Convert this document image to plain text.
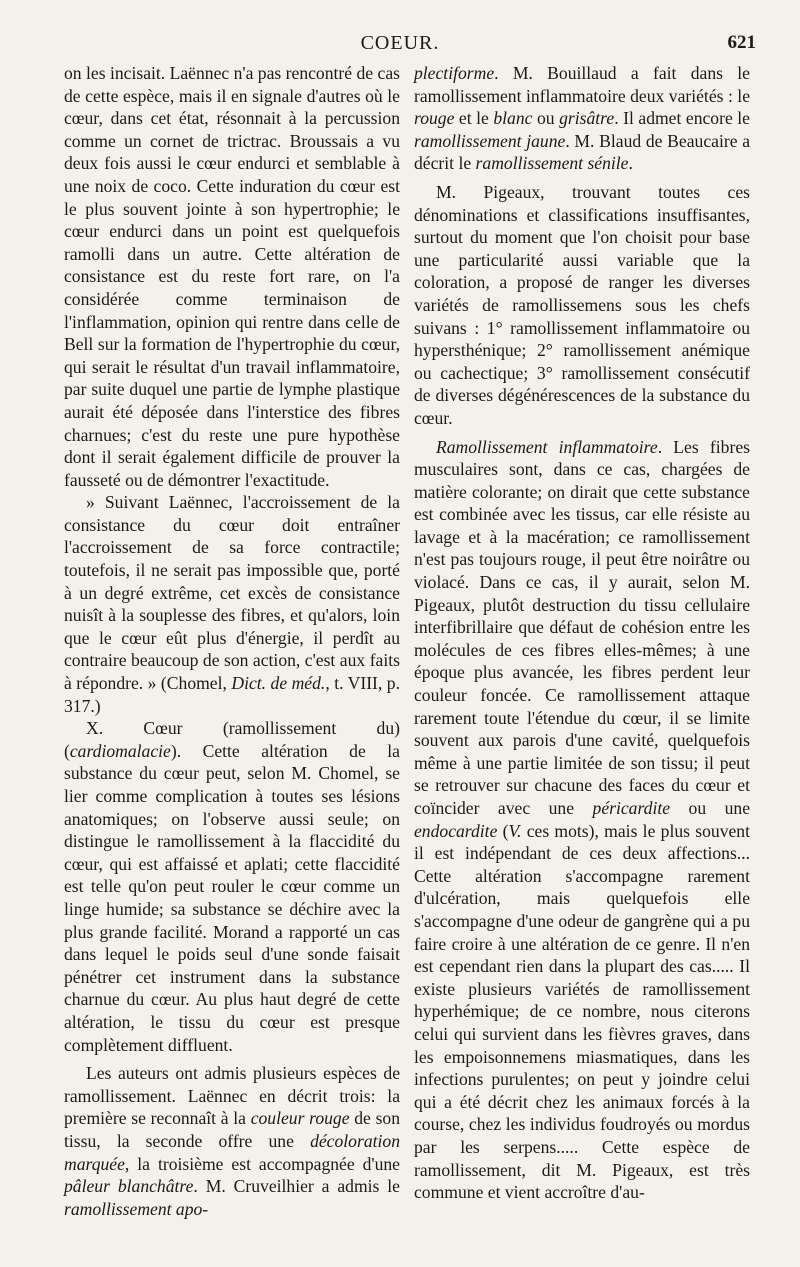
COEUR.	621

on les incisait. Laënnec n'a pas rencontré de cas de cette espèce, mais il en signale d'autres où le cœur, dans cet état, résonnait à la percussion comme un cornet de trictrac. Broussais a vu deux fois aussi le cœur endurci et semblable à une noix de coco. Cette induration du cœur est le plus souvent jointe à son hypertrophie; le cœur endurci dans un point est quelquefois ramolli dans un autre. Cette altération de consistance est du reste fort rare, on l'a considérée comme terminaison de l'inflammation, opinion qui rentre dans celle de Bell sur la formation de l'hypertrophie du cœur, qui serait le résultat d'un travail inflammatoire, par suite duquel une partie de lymphe plastique aurait été déposée dans l'interstice des fibres charnues; c'est du reste une pure hypothèse dont il serait également difficile de prouver la fausseté ou de démontrer l'exactitude.

» Suivant Laënnec, l'accroissement de la consistance du cœur doit entraîner l'accroissement de sa force contractile; toutefois, il ne serait pas impossible que, porté à un degré extrême, cet excès de consistance nuisît à la souplesse des fibres, et qu'alors, loin que le cœur eût plus d'énergie, il perdît au contraire beaucoup de son action, c'est aux faits à répondre. » (Chomel, Dict. de méd., t. VIII, p. 317.)

X. Cœur (ramollissement du) (cardiomalacie). Cette altération de la substance du cœur peut, selon M. Chomel, se lier comme complication à toutes ses lésions anatomiques; on l'observe aussi seule; on distingue le ramollissement à la flaccidité du cœur, qui est affaissé et aplati; cette flaccidité est telle qu'on peut rouler le cœur comme un linge humide; sa substance se déchire avec la plus grande facilité. Morand a rapporté un cas dans lequel le poids seul d'une sonde faisait pénétrer cet instrument dans la substance charnue du cœur. Au plus haut degré de cette altération, le tissu du cœur est presque complètement diffluent.

Les auteurs ont admis plusieurs espèces de ramollissement. Laënnec en décrit trois: la première se reconnaît à la couleur rouge de son tissu, la seconde offre une décoloration marquée, la troisième est accompagnée d'une pâleur blanchâtre. M. Cruveilhier a admis le ramollissement apo-

plectiforme. M. Bouillaud a fait dans le ramollissement inflammatoire deux variétés : le rouge et le blanc ou grisâtre. Il admet encore le ramollissement jaune. M. Blaud de Beaucaire a décrit le ramollissement sénile.

M. Pigeaux, trouvant toutes ces dénominations et classifications insuffisantes, surtout du moment que l'on choisit pour base une particularité aussi variable que la coloration, a proposé de ranger les diverses variétés de ramollissemens sous les chefs suivans : 1° ramollissement inflammatoire ou hypersthénique; 2° ramollissement anémique ou cachectique; 3° ramollissement consécutif de diverses dégénérescences de la substance du cœur.

Ramollissement inflammatoire. Les fibres musculaires sont, dans ce cas, chargées de matière colorante; on dirait que cette substance est combinée avec les tissus, car elle résiste au lavage et à la macération; ce ramollissement n'est pas toujours rouge, il peut être noirâtre ou violacé. Dans ce cas, il y aurait, selon M. Pigeaux, plutôt destruction du tissu cellulaire interfibrillaire que défaut de cohésion entre les molécules de ces fibres elles-mêmes; à une époque plus avancée, les fibres perdent leur couleur foncée. Ce ramollissement attaque rarement toute l'étendue du cœur, il se limite souvent aux parois d'une cavité, quelquefois même à une partie limitée de son tissu; il peut se retrouver sur chacune des faces du cœur et coïncider avec une péricardite ou une endocardite (V. ces mots), mais le plus souvent il est indépendant de ces deux affections... Cette altération s'accompagne rarement d'ulcération, mais quelquefois elle s'accompagne d'une odeur de gangrène qui a pu faire croire à une altération de ce genre. Il n'en est cependant rien dans la plupart des cas..... Il existe plusieurs variétés de ramollissement hyperhémique; de ce nombre, nous citerons celui qui survient dans les fièvres graves, dans les empoisonnemens miasmatiques, dans les infections purulentes; on peut y joindre celui qui a été décrit chez les animaux forcés à la course, chez les individus foudroyés ou mordus par les serpens..... Cette espèce de ramollissement, dit M. Pigeaux, est très commune et vient accroître d'au-
